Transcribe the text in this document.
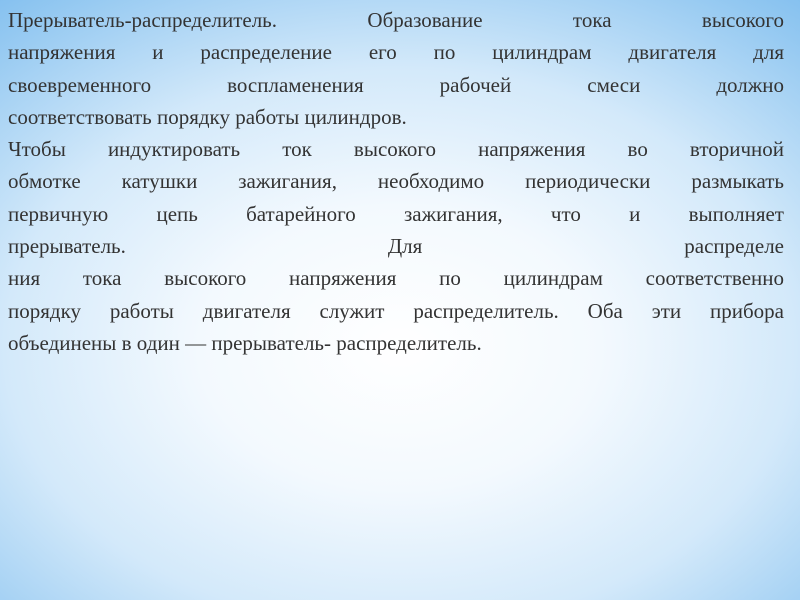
Прерыватель-распределитель. Образование тока высокого
напряжения и распределение его по цилиндрам двигателя для
своевременного воспламенения рабочей смеси должно
соответствовать порядку работы цилиндров.

Чтобы индуктировать ток высокого напряжения во вторичной
обмотке катушки зажигания, необходимо периодически размыкать
первичную цепь батарейного зажигания, что и выполняет
прерыватель. Для распределе
ния тока высокого напряжения по цилиндрам соответственно
порядку работы двигателя служит распределитель. Оба эти прибора
объединены в один — прерыватель- распределитель.
